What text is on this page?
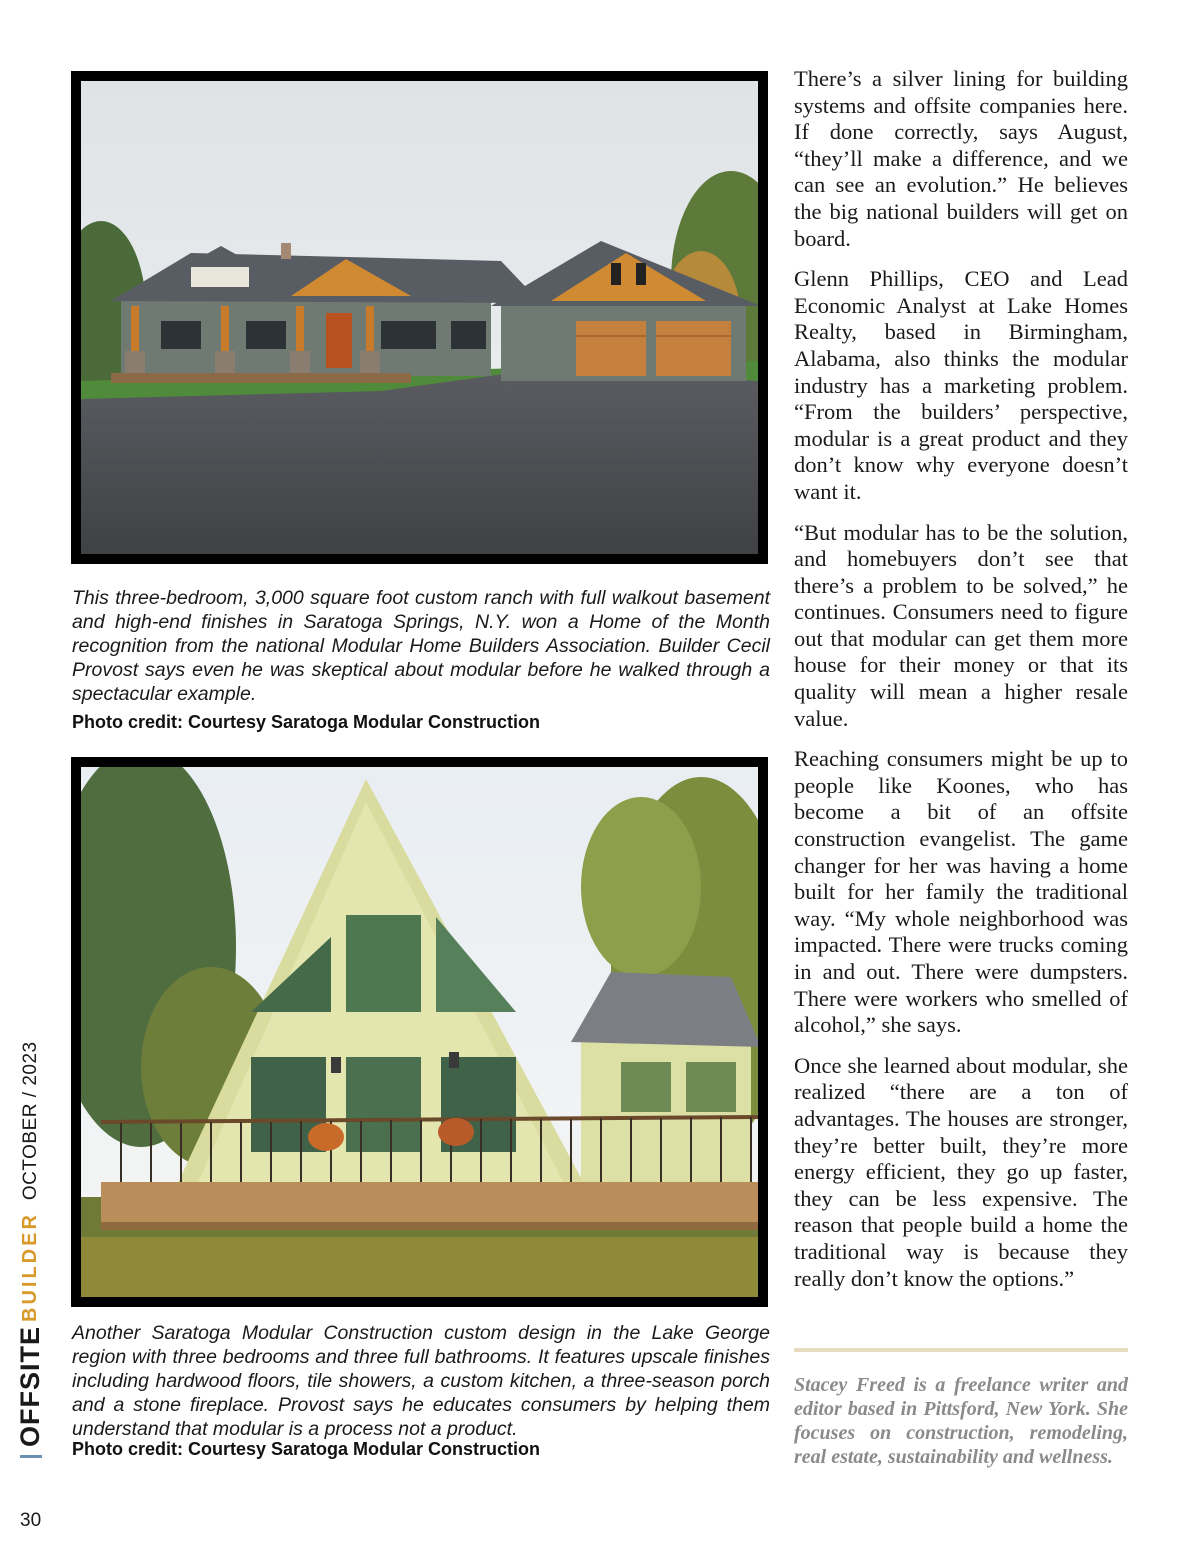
This three-bedroom, 3,000 square foot custom ranch with full walkout basement and high-end finishes in Saratoga Springs, N.Y. won a Home of the Month recognition from the national Modular Home Builders Association. Builder Cecil Provost says even he was skeptical about modular before he walked through a spectacular example.
Photo credit: Courtesy Saratoga Modular Construction
Another Saratoga Modular Construction custom design in the Lake George region with three bedrooms and three full bathrooms. It features upscale finishes including hardwood floors, tile showers, a custom kitchen, a three-season porch and a stone fireplace. Provost says he educates consumers by helping them understand that modular is a process not a product.
Photo credit: Courtesy Saratoga Modular Construction

There’s a silver lining for building systems and offsite companies here. If done correctly, says August, “they’ll make a difference, and we can see an evolution.” He believes the big national builders will get on board.

Glenn Phillips, CEO and Lead Economic Analyst at Lake Homes Realty, based in Birmingham, Alabama, also thinks the modular industry has a marketing problem. “From the builders’ perspective, modular is a great product and they don’t know why everyone doesn’t want it.

“But modular has to be the solution, and homebuyers don’t see that there’s a problem to be solved,” he continues. Consumers need to figure out that modular can get them more house for their money or that its quality will mean a higher resale value.

Reaching consumers might be up to people like Koones, who has become a bit of an offsite construction evangelist. The game changer for her was having a home built for her family the traditional way. “My whole neighborhood was impacted. There were trucks coming in and out. There were dumpsters. There were workers who smelled of alcohol,” she says.

Once she learned about modular, she realized “there are a ton of advantages. The houses are stronger, they’re better built, they’re more energy efficient, they go up faster, they can be less expensive. The reason that people build a home the traditional way is because they really don’t know the options.”

Stacey Freed is a freelance writer and editor based in Pittsford, New York. She focuses on construction, remodeling, real estate, sustainability and wellness.
OFFSITEBUILDEROCTOBER / 2023
30
